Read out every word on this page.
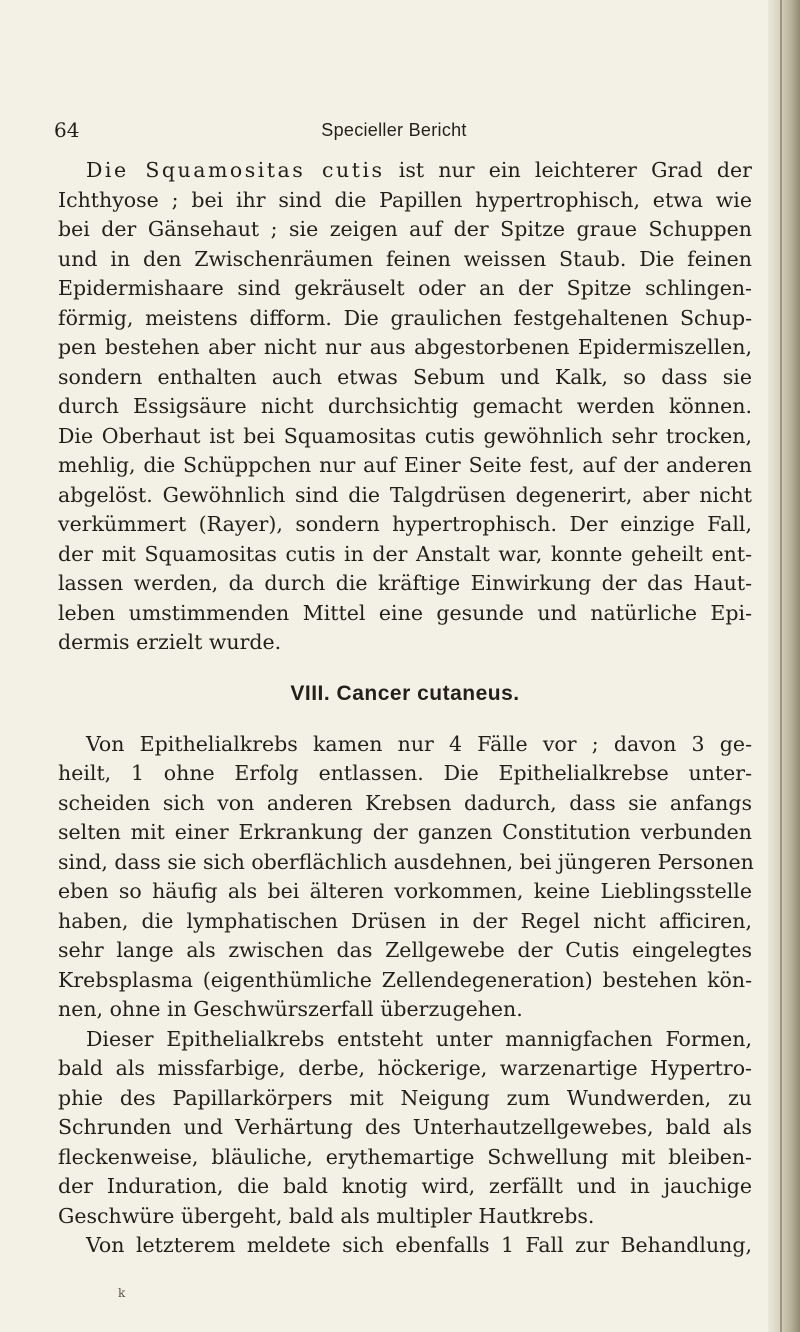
64	Specieller Bericht
Die Squamositas cutis ist nur ein leichterer Grad der
Ichthyose ; bei ihr sind die Papillen hypertrophisch, etwa wie
bei der Gänsehaut ; sie zeigen auf der Spitze graue Schuppen
und in den Zwischenräumen feinen weissen Staub. Die feinen
Epidermishaare sind gekräuselt oder an der Spitze schlingen-
förmig, meistens difform. Die graulichen festgehaltenen Schup-
pen bestehen aber nicht nur aus abgestorbenen Epidermiszellen,
sondern enthalten auch etwas Sebum und Kalk, so dass sie
durch Essigsäure nicht durchsichtig gemacht werden können.
Die Oberhaut ist bei Squamositas cutis gewöhnlich sehr trocken,
mehlig, die Schüppchen nur auf Einer Seite fest, auf der anderen
abgelöst. Gewöhnlich sind die Talgdrüsen degenerirt, aber nicht
verkümmert (Rayer), sondern hypertrophisch. Der einzige Fall,
der mit Squamositas cutis in der Anstalt war, konnte geheilt ent-
lassen werden, da durch die kräftige Einwirkung der das Haut-
leben umstimmenden Mittel eine gesunde und natürliche Epi-
dermis erzielt wurde.
VIII. Cancer cutaneus.
Von Epithelialkrebs kamen nur 4 Fälle vor ; davon 3 ge-
heilt, 1 ohne Erfolg entlassen. Die Epithelialkrebse unter-
scheiden sich von anderen Krebsen dadurch, dass sie anfangs
selten mit einer Erkrankung der ganzen Constitution verbunden
sind, dass sie sich oberflächlich ausdehnen, bei jüngeren Personen
eben so häufig als bei älteren vorkommen, keine Lieblingsstelle
haben, die lymphatischen Drüsen in der Regel nicht afficiren,
sehr lange als zwischen das Zellgewebe der Cutis eingelegtes
Krebsplasma (eigenthümliche Zellendegeneration) bestehen kön-
nen, ohne in Geschwürszerfall überzugehen.
Dieser Epithelialkrebs entsteht unter mannigfachen Formen,
bald als missfarbige, derbe, höckerige, warzenartige Hypertro-
phie des Papillarkörpers mit Neigung zum Wundwerden, zu
Schrunden und Verhärtung des Unterhautzellgewebes, bald als
fleckenweise, bläuliche, erythemartige Schwellung mit bleiben-
der Induration, die bald knotig wird, zerfällt und in jauchige
Geschwüre übergeht, bald als multipler Hautkrebs.
Von letzterem meldete sich ebenfalls 1 Fall zur Behandlung,
k
